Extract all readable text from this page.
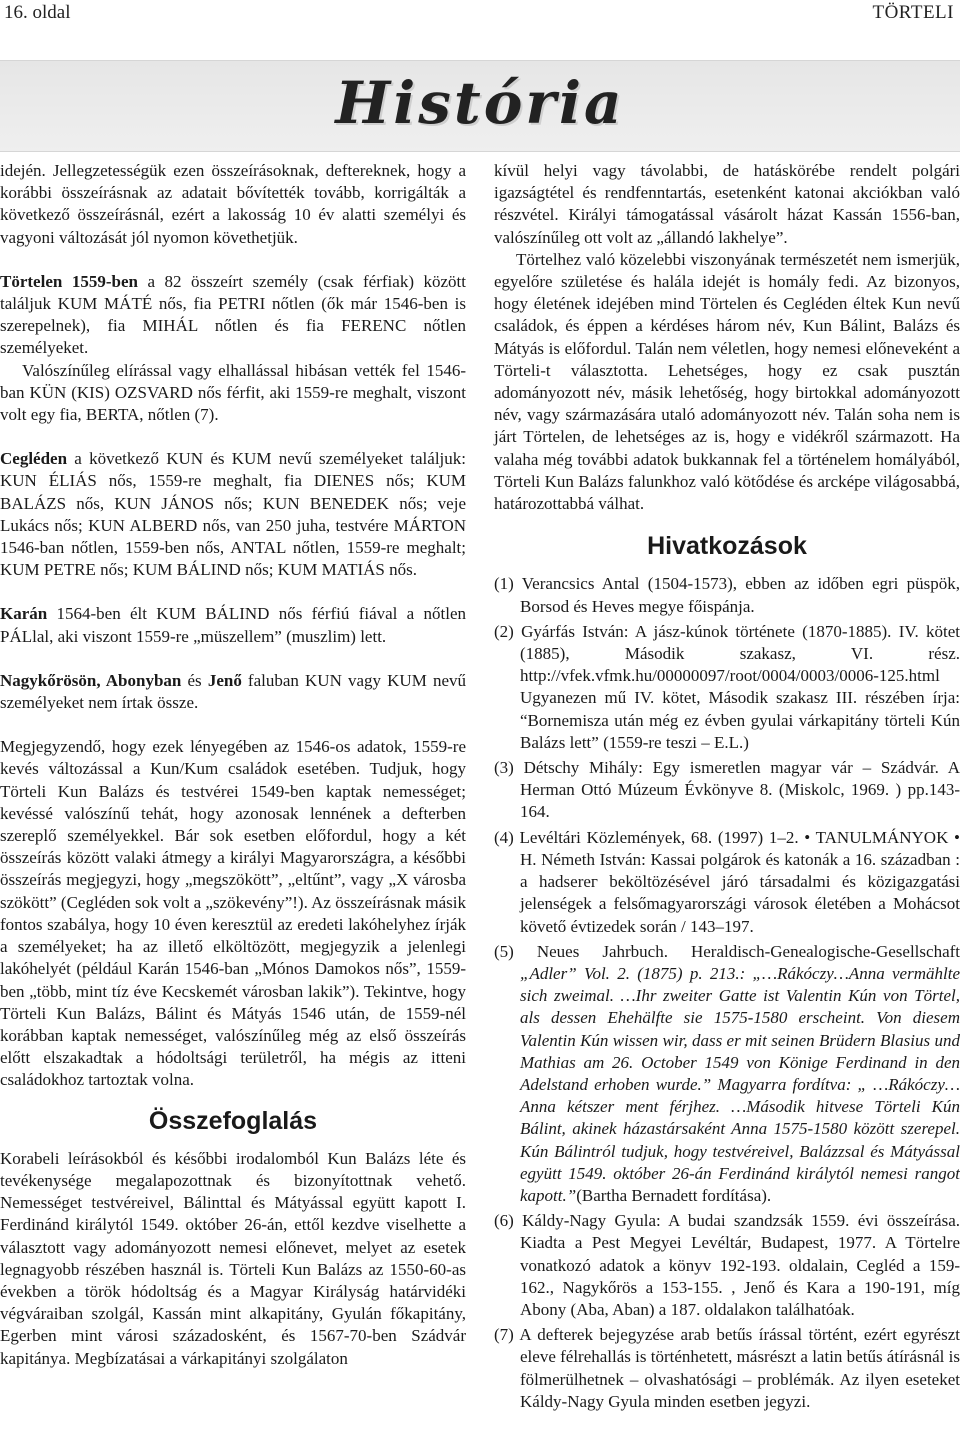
16. oldal	TÖRTELI
História

idején. Jellegzetességük ezen összeírásoknak, deftereknek, hogy a korábbi összeírásnak az adatait bővítették tovább, korrigálták a következő összeírásnál, ezért a lakosság 10 év alatti személyi és vagyoni változását jól nyomon követhetjük.

Törtelen 1559-ben a 82 összeírt személy (csak férfiak) között találjuk KUM MÁTÉ nős, fia PETRI nőtlen (ők már 1546-ben is szerepelnek), fia MIHÁL nőtlen és fia FERENC nőtlen személyeket.

Valószínűleg elírással vagy elhallással hibásan vették fel 1546-ban KÜN (KIS) OZSVARD nős férfit, aki 1559-re meghalt, viszont volt egy fia, BERTA, nőtlen (7).

Cegléden a következő KUN és KUM nevű személyeket találjuk: KUN ÉLIÁS nős, 1559-re meghalt, fia DIENES nős; KUM BALÁZS nős, KUN JÁNOS nős; KUN BENEDEK nős; veje Lukács nős; KUN ALBERD nős, van 250 juha, testvére MÁRTON 1546-ban nőtlen, 1559-ben nős, ANTAL nőtlen, 1559-re meghalt; KUM PETRE nős; KUM BÁLIND nős; KUM MATIÁS nős.

Karán 1564-ben élt KUM BÁLIND nős férfiú fiával a nőtlen PÁLlal, aki viszont 1559-re „müszellem” (muszlim) lett.

Nagykőrösön, Abonyban és Jenő faluban KUN vagy KUM nevű személyeket nem írtak össze.

Megjegyzendő, hogy ezek lényegében az 1546-os adatok, 1559-re kevés változással a Kun/Kum családok esetében. Tudjuk, hogy Törteli Kun Balázs és testvérei 1549-ben kaptak nemességet; kevéssé valószínű tehát, hogy azonosak lennének a defterben szereplő személyekkel. Bár sok esetben előfordul, hogy a két összeírás között valaki átmegy a királyi Magyarországra, a későbbi összeírás megjegyzi, hogy „megszökött”, „eltűnt”, vagy „X városba szökött” (Cegléden sok volt a „szökevény”!). Az összeírásnak másik fontos szabálya, hogy 10 éven keresztül az eredeti lakóhelyhez írják a személyeket; ha az illető elköltözött, megjegyzik a jelenlegi lakóhelyét (például Karán 1546-ban „Mónos Damokos nős”, 1559-ben „több, mint tíz éve Kecskemét városban lakik”). Tekintve, hogy Törteli Kun Balázs, Bálint és Mátyás 1546 után, de 1559-nél korábban kaptak nemességet, valószínűleg még az első összeírás előtt elszakadtak a hódoltsági területről, ha mégis az itteni családokhoz tartoztak volna.

Összefoglalás

Korabeli leírásokból és későbbi irodalomból Kun Balázs léte és tevékenysége megalapozottnak és bizonyítottnak vehető. Nemességet testvéreivel, Bálinttal és Mátyással együtt kapott I. Ferdinánd királytól 1549. október 26-án, ettől kezdve viselhette a választott vagy adományozott nemesi előnevet, melyet az esetek legnagyobb részében használ is. Törteli Kun Balázs az 1550-60-as években a török hódoltság és a Magyar Királyság határvidéki végváraiban szolgál, Kassán mint alkapitány, Gyulán főkapitány, Egerben mint városi századosként, és 1567-70-ben Szádvár kapitánya. Megbízatásai a várkapitányi szolgálaton

kívül helyi vagy távolabbi, de hatáskörébe rendelt polgári igazságtétel és rendfenntartás, esetenként katonai akciókban való részvétel. Királyi támogatással vásárolt házat Kassán 1556-ban, valószínűleg ott volt az „állandó lakhelye”.

Törtelhez való közelebbi viszonyának természetét nem ismerjük, egyelőre születése és halála idejét is homály fedi. Az bizonyos, hogy életének idejében mind Törtelen és Cegléden éltek Kun nevű családok, és éppen a kérdéses három név, Kun Bálint, Balázs és Mátyás is előfordul. Talán nem véletlen, hogy nemesi előneveként a Törteli-t választotta. Lehetséges, hogy ez csak pusztán adományozott név, másik lehetőség, hogy birtokkal adományozott név, vagy származására utaló adományozott név. Talán soha nem is járt Törtelen, de lehetséges az is, hogy e vidékről származott. Ha valaha még további adatok bukkannak fel a történelem homályából, Törteli Kun Balázs falunkhoz való kötődése és arcképe világosabbá, határozottabbá válhat.

Hivatkozások

(1) Verancsics Antal (1504-1573), ebben az időben egri püspök, Borsod és Heves megye főispánja.
(2) Gyárfás István: A jász-kúnok története (1870-1885). IV. kötet (1885), Második szakasz, VI. rész. http://vfek.vfmk.hu/00000097/root/0004/0003/0006-125.html Ugyanezen mű IV. kötet, Második szakasz III. részében írja: “Bornemisza után még ez évben gyulai várkapitány törteli Kún Balázs lett” (1559-re teszi – E.L.)
(3) Détschy Mihály: Egy ismeretlen magyar vár – Szádvár. A Herman Ottó Múzeum Évkönyve 8. (Miskolc, 1969. ) pp.143-164.
(4) Levéltári Közlemények, 68. (1997) 1–2. • TANULMÁNYOK • H. Németh István: Kassai polgárok és katonák a 16. században : a hadserег beköltözésével járó társadalmi és közigazgatási jelenségek a felsőmagyarországi városok életében a Mohácsot követő évtizedek során / 143–197.
(5) Neues Jahrbuch. Heraldisch-Genealogische-Gesellschaft „Adler” Vol. 2. (1875) p. 213.: „…Rákóczy…Anna vermählte sich zweimal. …Ihr zweiter Gatte ist Valentin Kún von Törtel, als dessen Ehehälfte sie 1575-1580 erscheint. Von diesem Valentin Kún wissen wir, dass er mit seinen Brüdern Blasius und Mathias am 26. October 1549 von Könige Ferdinand in den Adelstand erhoben wurde.” Magyarra fordítva: „ …Rákóczy… Anna kétszer ment férjhez. …Második hitvese Törteli Kún Bálint, akinek házastársaként Anna 1575-1580 között szerepel. Kún Bálintról tudjuk, hogy testvéreivel, Balázzsal és Mátyással együtt 1549. október 26-án Ferdinánd királytól nemesi rangot kapott.”(Bartha Bernadett fordítása).
(6) Káldy-Nagy Gyula: A budai szandzsák 1559. évi összeírása. Kiadta a Pest Megyei Levéltár, Budapest, 1977. A Törtelre vonatkozó adatok a könyv 192-193. oldalain, Cegléd a 159-162., Nagykőrös a 153-155. , Jenő és Kara a 190-191, míg Abony (Aba, Aban) a 187. oldalakon találhatóak.
(7) A defterek bejegyzése arab betűs írással történt, ezért egyrészt eleve félrehallás is történhetett, másrészt a latin betűs átírásnál is fölmerülhetnek – olvashatósági – problémák. Az ilyen eseteket Káldy-Nagy Gyula minden esetben jegyzi.
